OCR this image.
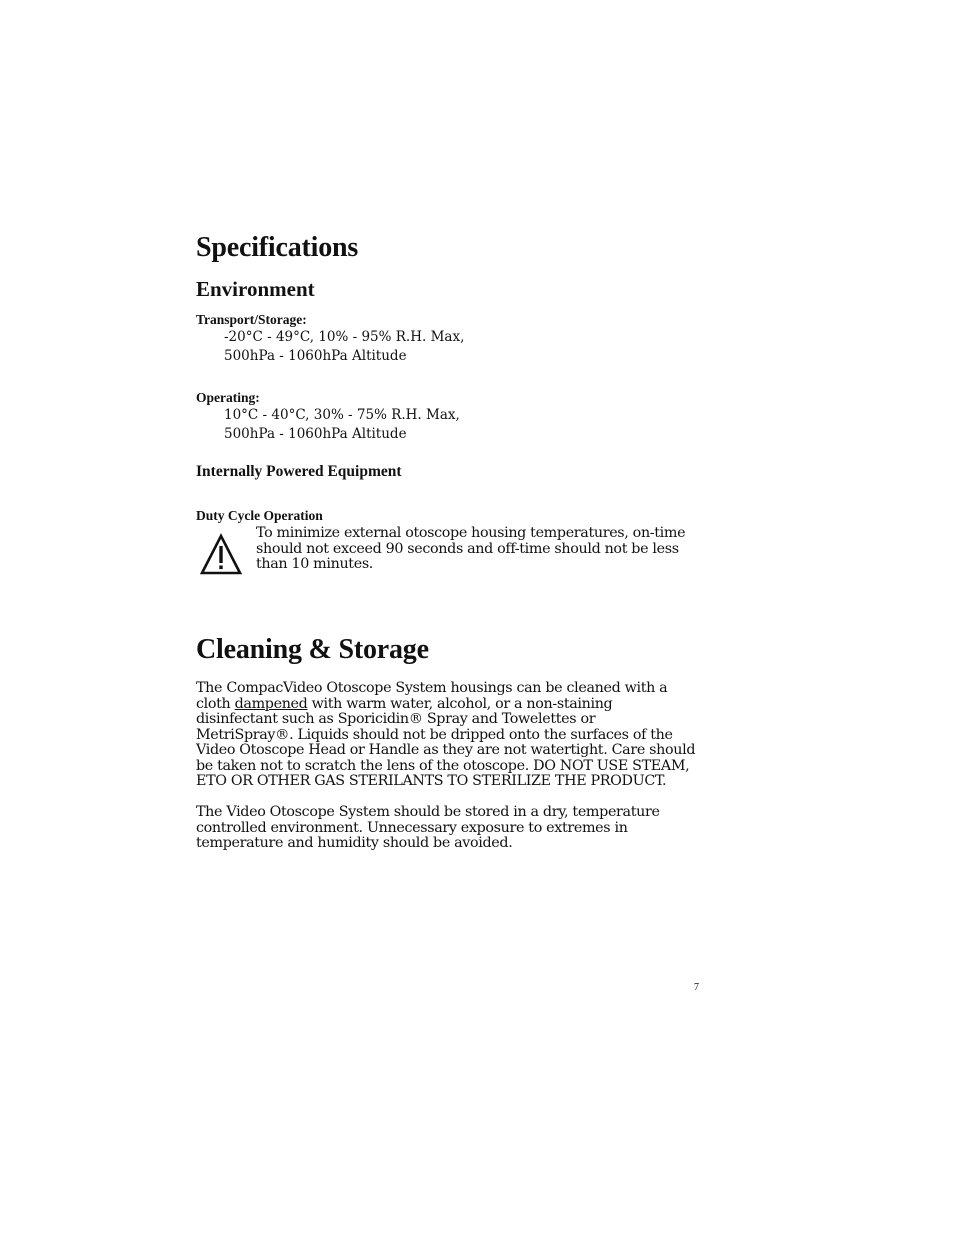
Specifications
Environment
Transport/Storage:
-20°C - 49°C, 10% - 95% R.H. Max,
500hPa - 1060hPa Altitude
Operating:
10°C - 40°C, 30% - 75% R.H. Max,
500hPa - 1060hPa Altitude
Internally Powered Equipment
Duty Cycle Operation
To minimize external otoscope housing temperatures, on-time
should not exceed 90 seconds and off-time should not be less
than 10 minutes.
Cleaning & Storage
The CompacVideo Otoscope System housings can be cleaned with a
cloth dampened with warm water, alcohol, or a non-staining
disinfectant such as Sporicidin® Spray and Towelettes or
MetriSpray®. Liquids should not be dripped onto the surfaces of the
Video Otoscope Head or Handle as they are not watertight. Care should
be taken not to scratch the lens of the otoscope. DO NOT USE STEAM,
ETO OR OTHER GAS STERILANTS TO STERILIZE THE PRODUCT.
The Video Otoscope System should be stored in a dry, temperature
controlled environment. Unnecessary exposure to extremes in
temperature and humidity should be avoided.
7
